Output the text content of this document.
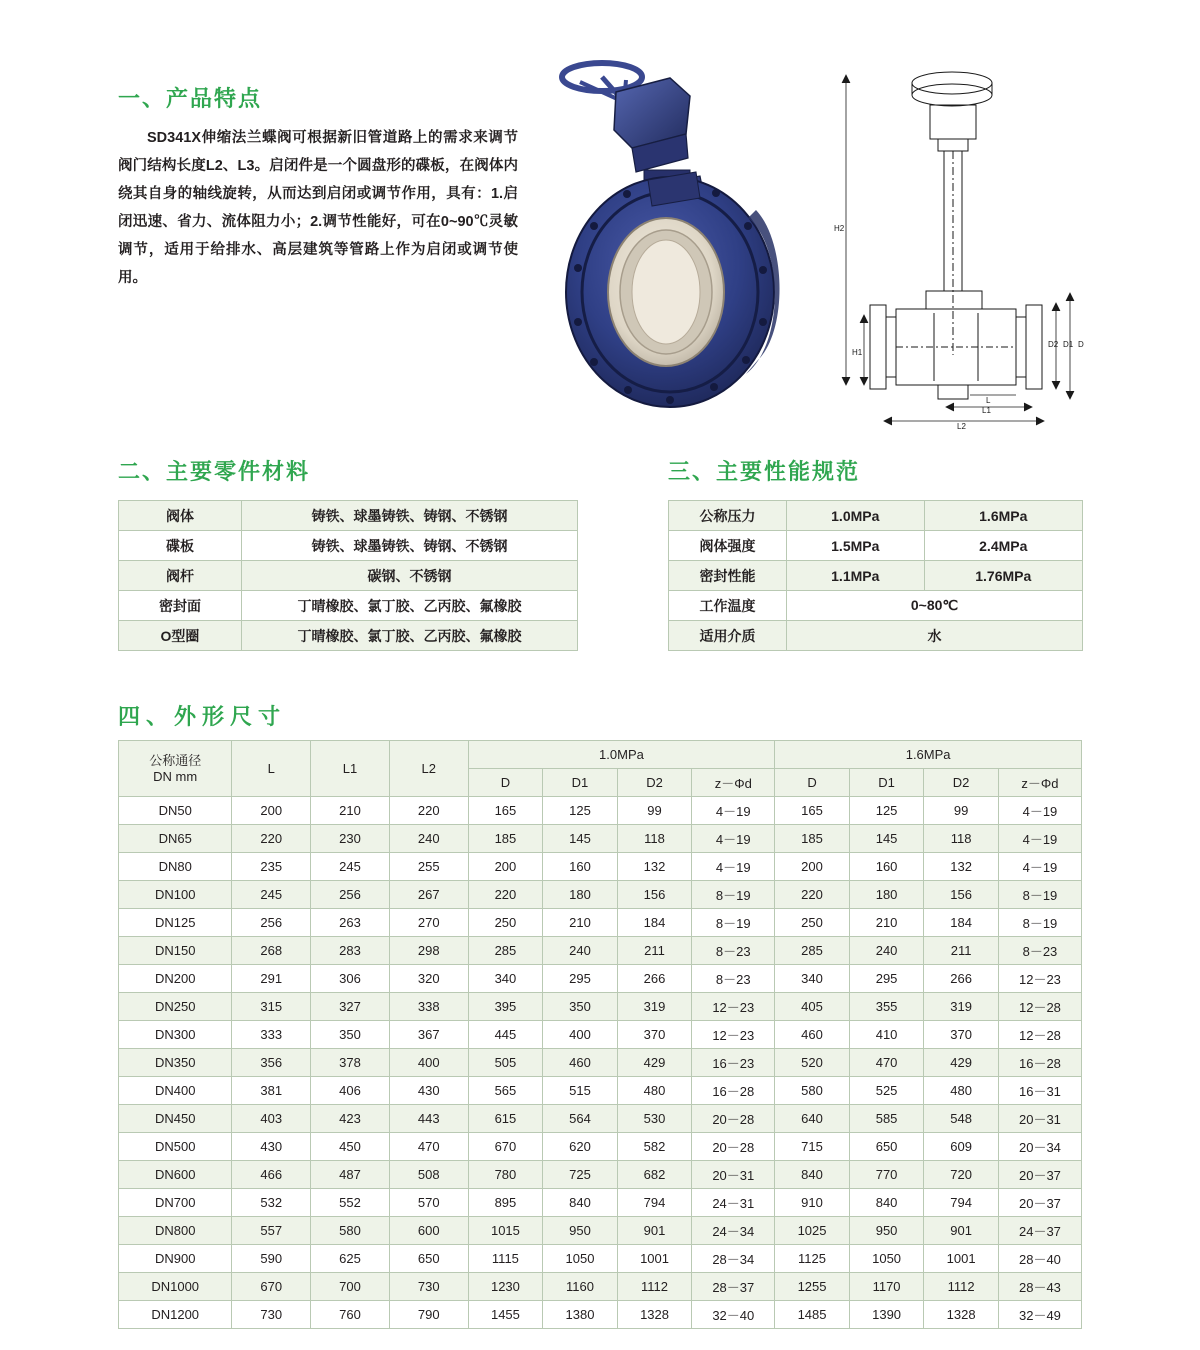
一、产品特点
SD341X伸缩法兰蝶阀可根据新旧管道路上的需求来调节阀门结构长度L2、L3。启闭件是一个圆盘形的碟板，在阀体内绕其自身的轴线旋转，从而达到启闭或调节作用，具有：1.启闭迅速、省力、流体阻力小；2.调节性能好，可在0~90℃灵敏调节，适用于给排水、高层建筑等管路上作为启闭或调节使用。
H2
H1
D2 D1 D
L
L1
L2
二、主要零件材料
阀体	铸铁、球墨铸铁、铸钢、不锈钢
碟板	铸铁、球墨铸铁、铸钢、不锈钢
阀杆	碳钢、不锈钢
密封面	丁晴橡胶、氯丁胶、乙丙胶、氟橡胶
O型圈	丁晴橡胶、氯丁胶、乙丙胶、氟橡胶
三、主要性能规范
公称压力	1.0MPa	1.6MPa
阀体强度	1.5MPa	2.4MPa
密封性能	1.1MPa	1.76MPa
工作温度	0~80℃	
适用介质	水	
四、外形尺寸
公称通径
DN mm	L	L1	L2	1.0MPa				1.6MPa			
				D	D1	D2	z－Φd	D	D1	D2	z－Φd
DN50	200	210	220	165	125	99	4－19	165	125	99	4－19
DN65	220	230	240	185	145	118	4－19	185	145	118	4－19
DN80	235	245	255	200	160	132	4－19	200	160	132	4－19
DN100	245	256	267	220	180	156	8－19	220	180	156	8－19
DN125	256	263	270	250	210	184	8－19	250	210	184	8－19
DN150	268	283	298	285	240	211	8－23	285	240	211	8－23
DN200	291	306	320	340	295	266	8－23	340	295	266	12－23
DN250	315	327	338	395	350	319	12－23	405	355	319	12－28
DN300	333	350	367	445	400	370	12－23	460	410	370	12－28
DN350	356	378	400	505	460	429	16－23	520	470	429	16－28
DN400	381	406	430	565	515	480	16－28	580	525	480	16－31
DN450	403	423	443	615	564	530	20－28	640	585	548	20－31
DN500	430	450	470	670	620	582	20－28	715	650	609	20－34
DN600	466	487	508	780	725	682	20－31	840	770	720	20－37
DN700	532	552	570	895	840	794	24－31	910	840	794	20－37
DN800	557	580	600	1015	950	901	24－34	1025	950	901	24－37
DN900	590	625	650	1115	1050	1001	28－34	1125	1050	1001	28－40
DN1000	670	700	730	1230	1160	1112	28－37	1255	1170	1112	28－43
DN1200	730	760	790	1455	1380	1328	32－40	1485	1390	1328	32－49
